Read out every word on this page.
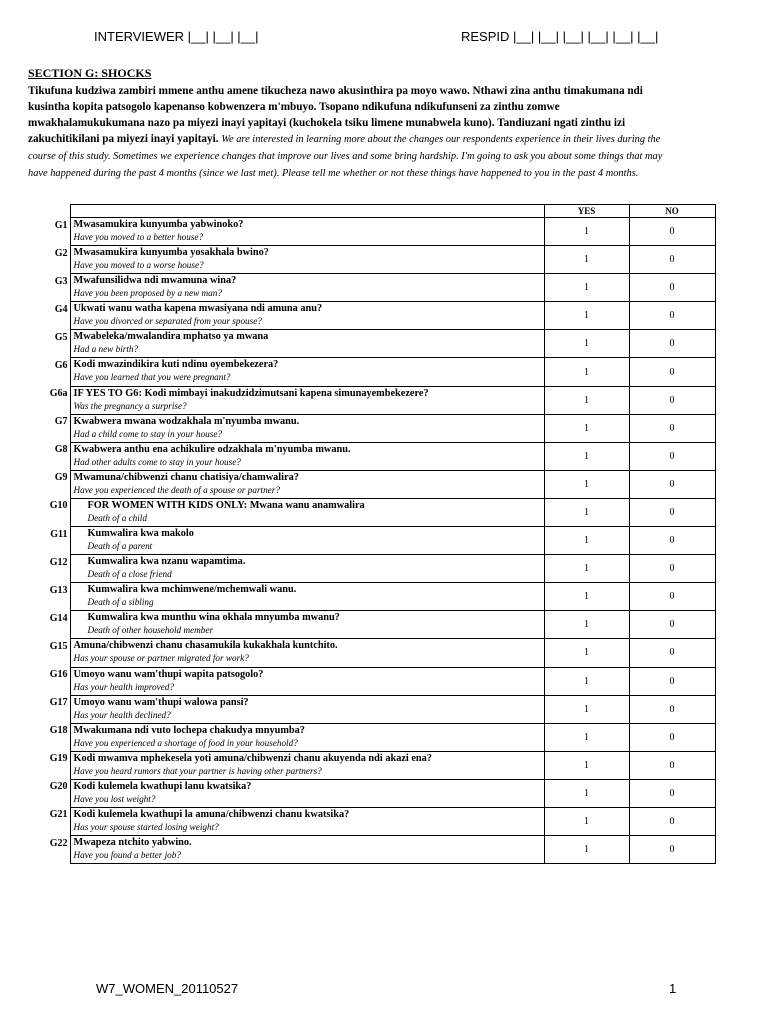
INTERVIEWER |__| |__| |__|	RESPID |__| |__| |__| |__| |__| |__|
SECTION G: SHOCKS
Tikufuna kudziwa zambiri mmene anthu amene tikucheza nawo akusinthira pa moyo wawo. Nthawi zina anthu timakumana ndi kusintha kopita patsogolo kapenanso kobwenzera m'mbuyo. Tsopano ndikufuna ndikufunseni za zinthu zomwe mwakhalamukukumana nazo pa miyezi inayi yapitayi (kuchokela tsiku limene munabwela kuno). Tandiuzani ngati zinthu izi zakuchitikilani pa miyezi inayi yapitayi. We are interested in learning more about the changes our respondents experience in their lives during the course of this study. Sometimes we experience changes that improve our lives and some bring hardship. I'm going to ask you about some things that may have happened during the past 4 months (since we last met). Please tell me whether or not these things have happened to you in the past 4 months.
		YES	NO
G1	Mwasamukira kunyumba yabwinoko?
Have you moved to a better house?	1	0
G2	Mwasamukira kunyumba yosakhala bwino?
Have you moved to a worse house?	1	0
G3	Mwafunsilidwa ndi mwamuna wina?
Have you been proposed by a new man?	1	0
G4	Ukwati wanu watha kapena mwasiyana ndi amuna anu?
Have you divorced or separated from your spouse?	1	0
G5	Mwabeleka/mwalandira mphatso ya mwana
Had a new birth?	1	0
G6	Kodi mwazindikira kuti ndinu oyembekezera?
Have you learned that you were pregnant?	1	0
G6a	IF YES TO G6: Kodi mimbayi inakudzidzimutsani kapena simunayembekezere?
Was the pregnancy a surprise?	1	0
G7	Kwabwera mwana wodzakhala m'nyumba mwanu.
Had a child come to stay in your house?	1	0
G8	Kwabwera anthu ena achikulire odzakhala m'nyumba mwanu.
Had other adults come to stay in your house?	1	0
G9	Mwamuna/chibwenzi chanu chatisiya/chamwalira?
Have you experienced the death of a spouse or partner?	1	0
G10	FOR WOMEN WITH KIDS ONLY: Mwana wanu anamwalira
Death of a child	1	0
G11	Kumwalira kwa makolo
Death of a parent	1	0
G12	Kumwalira kwa nzanu wapamtima.
Death of a close friend	1	0
G13	Kumwalira kwa mchimwene/mchemwali wanu.
Death of a sibling	1	0
G14	Kumwalira kwa munthu wina okhala mnyumba mwanu?
Death of other household member	1	0
G15	Amuna/chibwenzi chanu chasamukila kukakhala kuntchito.
Has your spouse or partner migrated for work?	1	0
G16	Umoyo wanu wam'thupi wapita patsogolo?
Has your health improved?	1	0
G17	Umoyo wanu wam'thupi walowa pansi?
Has your health declined?	1	0
G18	Mwakumana ndi vuto lochepa chakudya mnyumba?
Have you experienced a shortage of food in your household?	1	0
G19	Kodi mwamva mphekesela yoti amuna/chibwenzi chanu akuyenda ndi akazi ena?
Have you heard rumors that your partner is having other partners?	1	0
G20	Kodi kulemela kwathupi lanu kwatsika?
Have you lost weight?	1	0
G21	Kodi kulemela kwathupi la amuna/chibwenzi chanu kwatsika?
Has your spouse started losing weight?	1	0
G22	Mwapeza ntchito yabwino.
Have you found a better job?	1	0
W7_WOMEN_20110527	1
